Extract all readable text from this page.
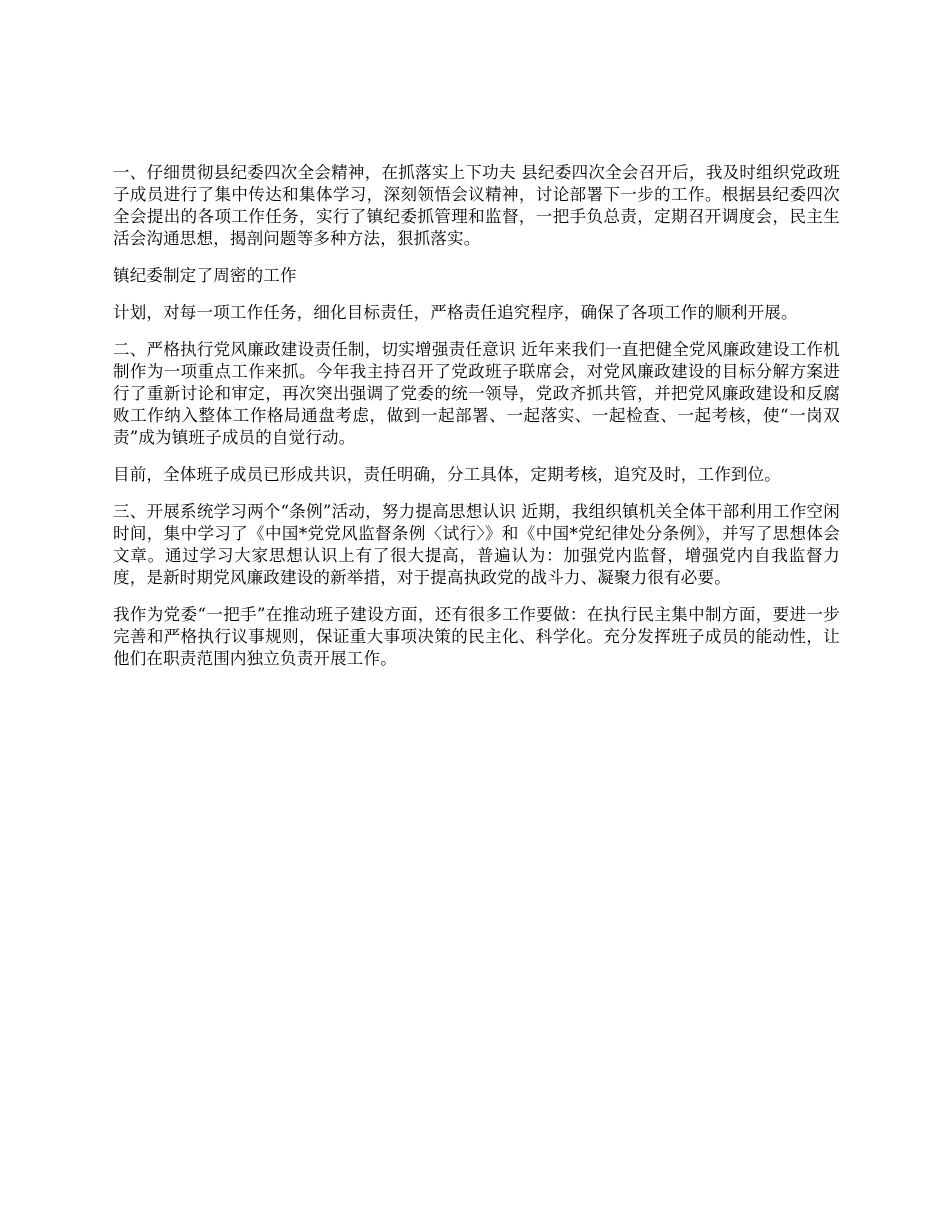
一、仔细贯彻县纪委四次全会精神，在抓落实上下功夫 县纪委四次全会召开后，我及时组织党政班子成员进行了集中传达和集体学习，深刻领悟会议精神，讨论部署下一步的工作。根据县纪委四次全会提出的各项工作任务，实行了镇纪委抓管理和监督，一把手负总责，定期召开调度会，民主生活会沟通思想，揭剖问题等多种方法，狠抓落实。

镇纪委制定了周密的工作

计划，对每一项工作任务，细化目标责任，严格责任追究程序，确保了各项工作的顺利开展。

二、严格执行党风廉政建设责任制，切实增强责任意识 近年来我们一直把健全党风廉政建设工作机制作为一项重点工作来抓。今年我主持召开了党政班子联席会，对党风廉政建设的目标分解方案进行了重新讨论和审定，再次突出强调了党委的统一领导，党政齐抓共管，并把党风廉政建设和反腐败工作纳入整体工作格局通盘考虑，做到一起部署、一起落实、一起检查、一起考核，使“一岗双责”成为镇班子成员的自觉行动。

目前，全体班子成员已形成共识，责任明确，分工具体，定期考核，追究及时，工作到位。

三、开展系统学习两个“条例”活动，努力提高思想认识 近期，我组织镇机关全体干部利用工作空闲时间，集中学习了《中国*党党风监督条例〈试行〉》和《中国*党纪律处分条例》，并写了思想体会文章。通过学习大家思想认识上有了很大提高，普遍认为：加强党内监督，增强党内自我监督力度，是新时期党风廉政建设的新举措，对于提高执政党的战斗力、凝聚力很有必要。

我作为党委“一把手”在推动班子建设方面，还有很多工作要做：在执行民主集中制方面，要进一步完善和严格执行议事规则，保证重大事项决策的民主化、科学化。充分发挥班子成员的能动性，让他们在职责范围内独立负责开展工作。
